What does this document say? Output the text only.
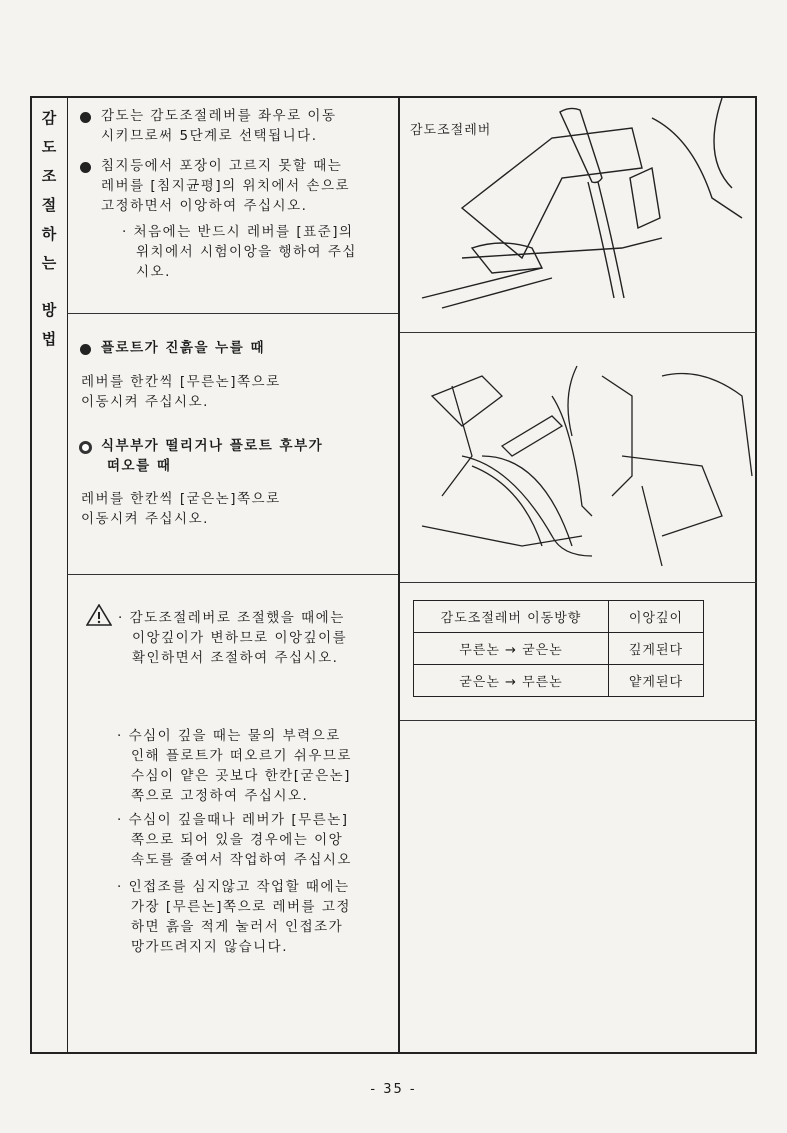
감
도
조
절
하
는
방
법
감도는 감도조절레버를 좌우로 이동
시키므로써 5단계로 선택됩니다.
침지등에서 포장이 고르지 못할 때는
레버를 [침지균평]의 위치에서 손으로
고정하면서 이앙하여 주십시오.
· 처음에는 반드시 레버를 [표준]의
위치에서 시험이앙을 행하여 주십
시오.
플로트가 진흙을 누를 때
레버를 한칸씩 [무른논]쪽으로
이동시켜 주십시오.
식부부가 떨리거나 플로트 후부가
떠오를 때
레버를 한칸씩 [굳은논]쪽으로
이동시켜 주십시오.
· 감도조절레버로 조절했을 때에는
이앙깊이가 변하므로 이앙깊이를
확인하면서 조절하여 주십시오.
· 수심이 깊을 때는 물의 부력으로
인해 플로트가 떠오르기 쉬우므로
수심이 얕은 곳보다 한칸[굳은논]
쪽으로 고정하여 주십시오.
· 수심이 깊을때나 레버가 [무른논]
쪽으로 되어 있을 경우에는 이앙
속도를 줄여서 작업하여 주십시오
· 인접조를 심지않고 작업할 때에는
가장 [무른논]쪽으로 레버를 고정
하면 흙을 적게 눌러서 인접조가
망가뜨려지지 않습니다.
감도조절레버
감도조절레버 이동방향	이앙깊이
무른논 → 굳은논	깊게된다
굳은논 → 무른논	얕게된다
- 35 -
